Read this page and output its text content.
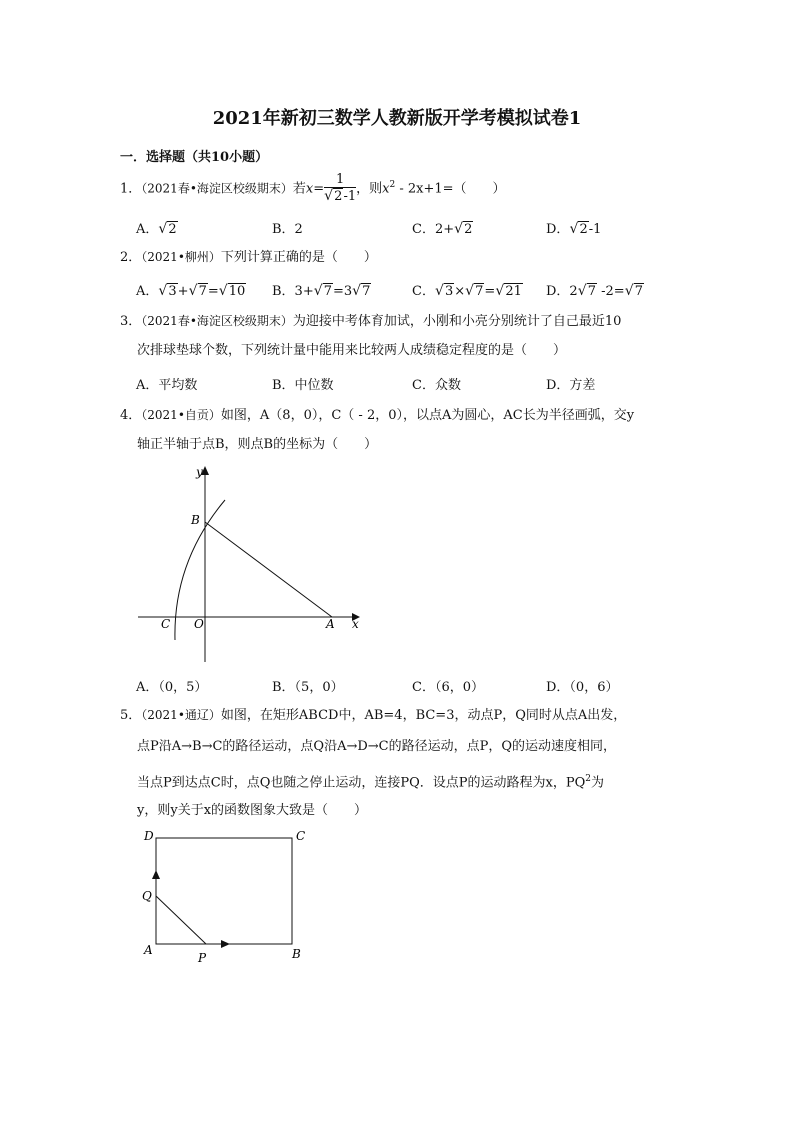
2021年新初三数学人教新版开学考模拟试卷1
一．选择题（共10小题）
1．（2021春•海淀区校级期末）若x= 1
√ 2-1 ，则$x^2 - 2x+1=$（　　）
A． √ 2	B．2	C．2+ √ 2	D． √ 2-1
2．（2021•柳州）下列计算正确的是（　　）
A． √ 3+ √ 7= √ 10 B．3+ √ 7=3 √ 7	C． √ 3× √ 7= √ 21 D．2 √ 7 -2= √ 7
3．（2021春•海淀区校级期末）为迎接中考体育加试，小刚和小亮分别统计了自己最近10
次排球垫球个数，下列统计量中能用来比较两人成绩稳定程度的是（　　）
A．平均数	B．中位数	C．众数	D．方差
4．（2021•自贡）如图，A（8，0），C（ - 2，0），以点A为圆心，AC长为半径画弧，交y
轴正半轴于点B，则点B的坐标为（　　）
y
x
B
C O	A
A．（0，5）	B．（5，0）	C．（6，0）	D．（0，6）
5．（2021•通辽）如图，在矩形ABCD中，AB=4，BC=3，动点P，Q同时从点A出发，
点P沿A→B→C的路径运动，点Q沿A→D→C的路径运动，点P，Q的运动速度相同，
当点P到达点C时，点Q也随之停止运动，连接PQ．设点P的运动路程为x，$PQ^2$为
y，则y关于x的函数图象大致是（　　）
D	C
Q
A
P	B
